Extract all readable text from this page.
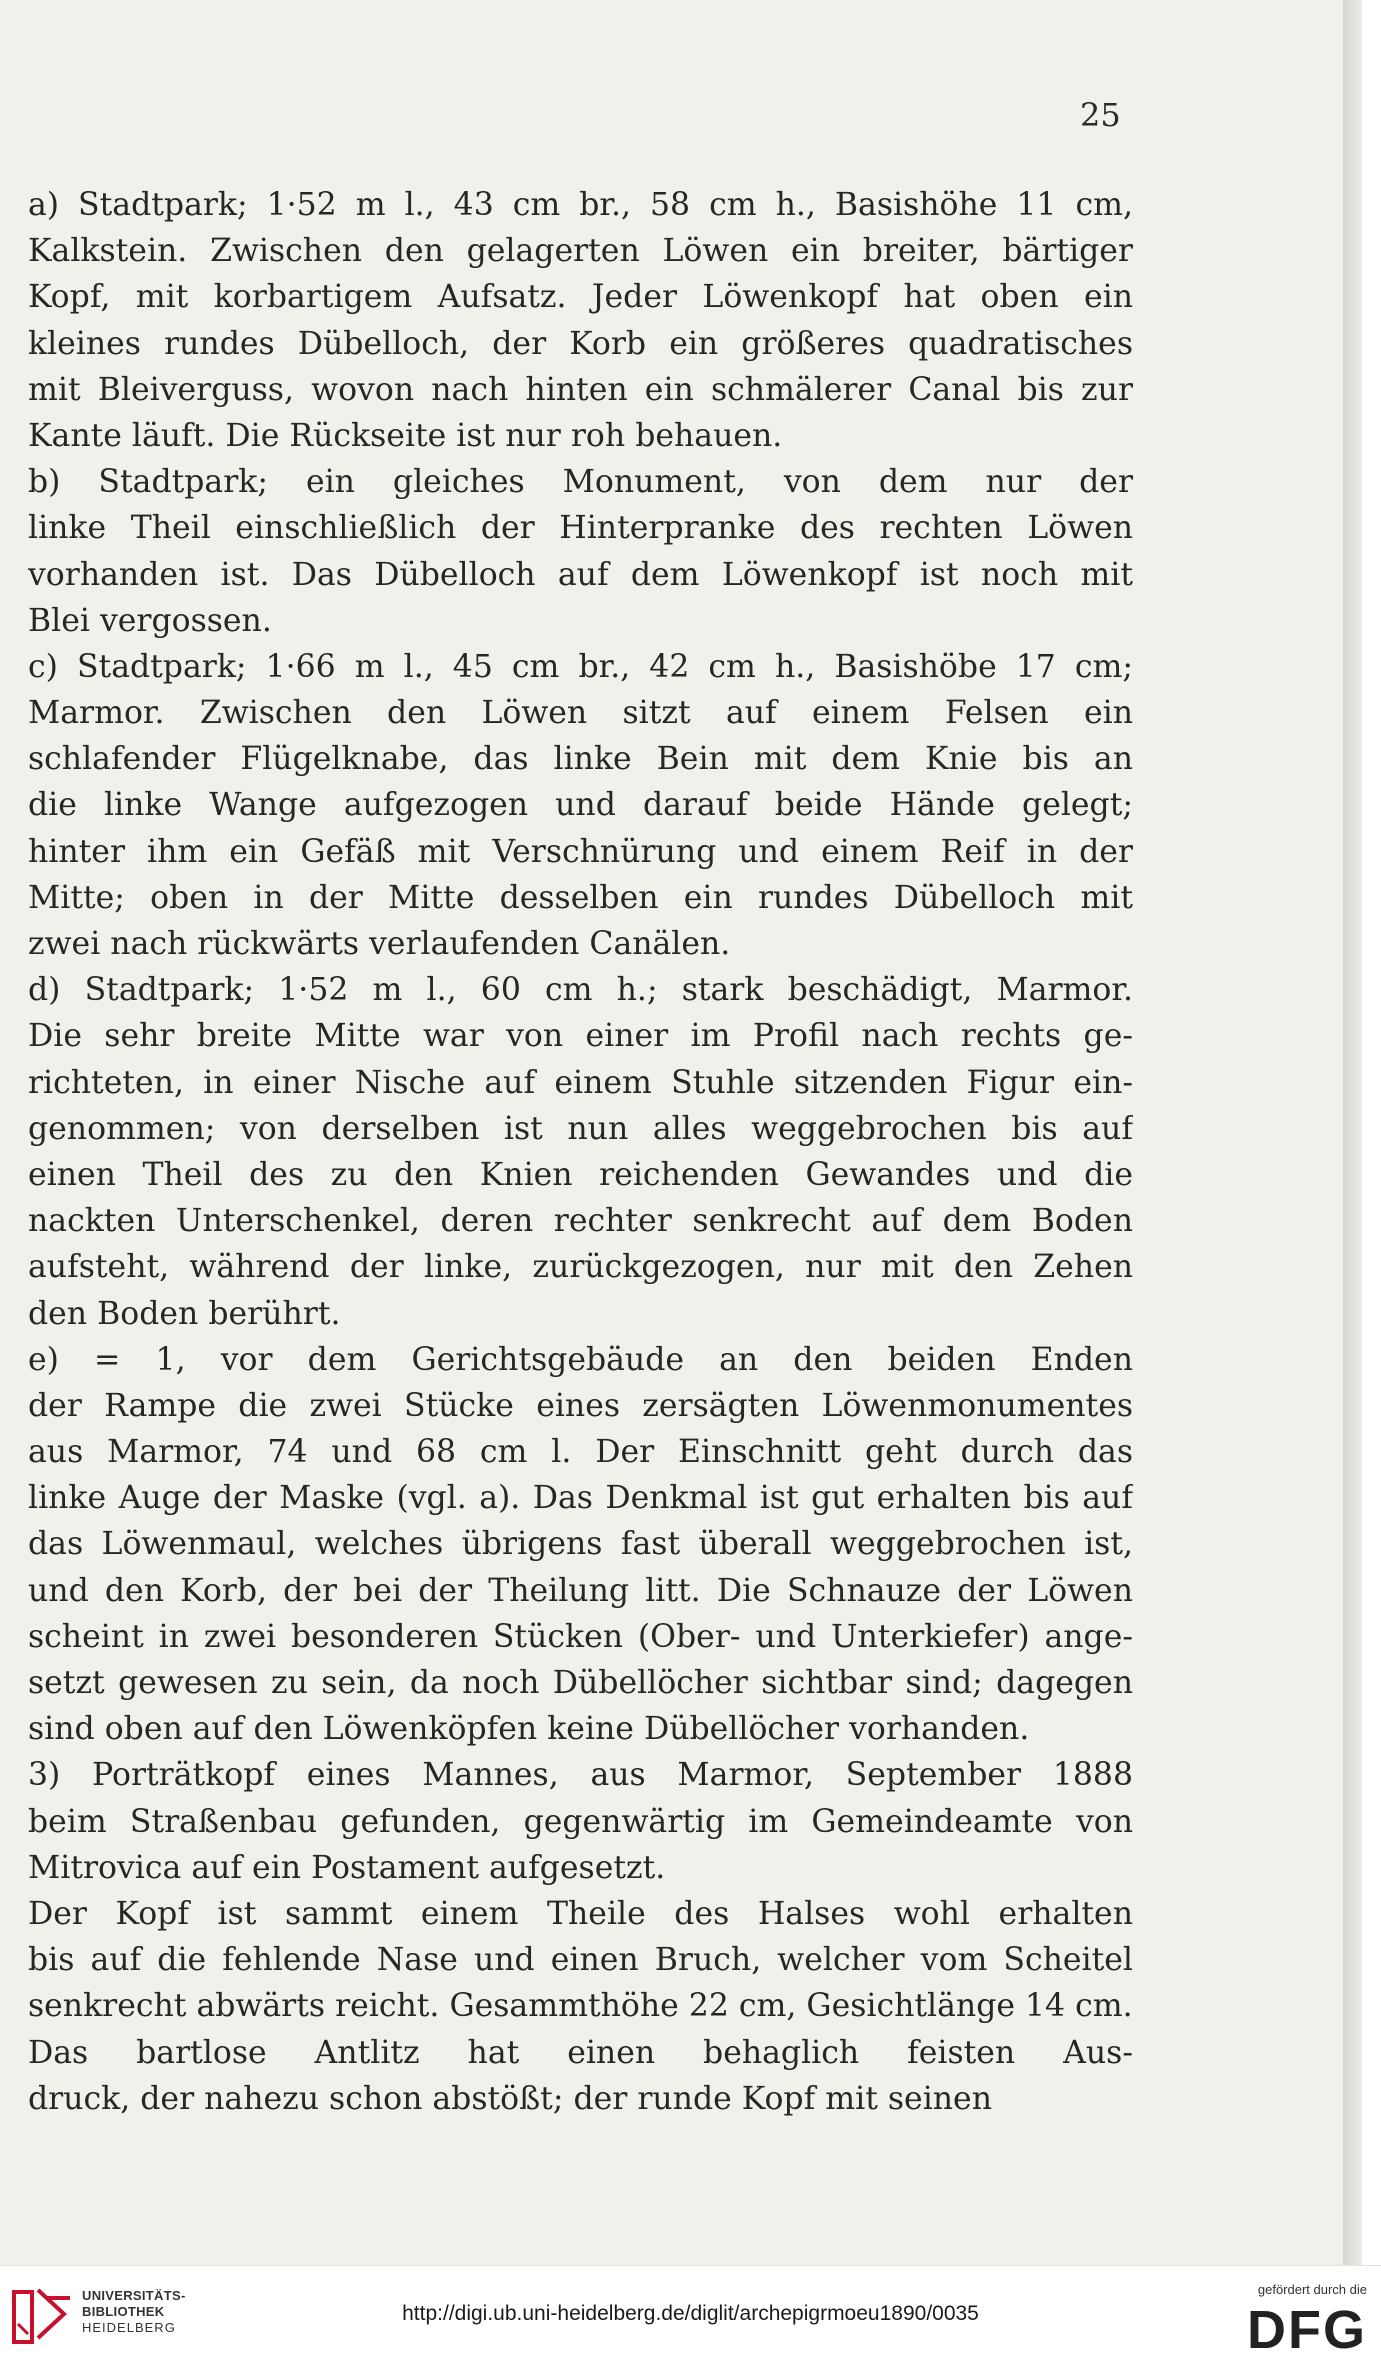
25

a) Stadtpark; 1·52 m l., 43 cm br., 58 cm h., Basishöhe 11 cm,
Kalkstein. Zwischen den gelagerten Löwen ein breiter, bärtiger
Kopf, mit korbartigem Aufsatz. Jeder Löwenkopf hat oben ein
kleines rundes Dübelloch, der Korb ein größeres quadratisches
mit Bleiverguss, wovon nach hinten ein schmälerer Canal bis zur
Kante läuft. Die Rückseite ist nur roh behauen.

b) Stadtpark; ein gleiches Monument, von dem nur der
linke Theil einschließlich der Hinterpranke des rechten Löwen
vorhanden ist. Das Dübelloch auf dem Löwenkopf ist noch mit
Blei vergossen.

c) Stadtpark; 1·66 m l., 45 cm br., 42 cm h., Basishöbe 17 cm;
Marmor. Zwischen den Löwen sitzt auf einem Felsen ein
schlafender Flügelknabe, das linke Bein mit dem Knie bis an
die linke Wange aufgezogen und darauf beide Hände gelegt;
hinter ihm ein Gefäß mit Verschnürung und einem Reif in der
Mitte; oben in der Mitte desselben ein rundes Dübelloch mit
zwei nach rückwärts verlaufenden Canälen.

d) Stadtpark; 1·52 m l., 60 cm h.; stark beschädigt, Marmor.
Die sehr breite Mitte war von einer im Profil nach rechts ge-
richteten, in einer Nische auf einem Stuhle sitzenden Figur ein-
genommen; von derselben ist nun alles weggebrochen bis auf
einen Theil des zu den Knien reichenden Gewandes und die
nackten Unterschenkel, deren rechter senkrecht auf dem Boden
aufsteht, während der linke, zurückgezogen, nur mit den Zehen
den Boden berührt.

e) = 1, vor dem Gerichtsgebäude an den beiden Enden
der Rampe die zwei Stücke eines zersägten Löwenmonumentes
aus Marmor, 74 und 68 cm l. Der Einschnitt geht durch das
linke Auge der Maske (vgl. a). Das Denkmal ist gut erhalten bis auf
das Löwenmaul, welches übrigens fast überall weggebrochen ist,
und den Korb, der bei der Theilung litt. Die Schnauze der Löwen
scheint in zwei besonderen Stücken (Ober- und Unterkiefer) ange-
setzt gewesen zu sein, da noch Dübellöcher sichtbar sind; dagegen
sind oben auf den Löwenköpfen keine Dübellöcher vorhanden.

3) Porträtkopf eines Mannes, aus Marmor, September 1888
beim Straßenbau gefunden, gegenwärtig im Gemeindeamte von
Mitrovica auf ein Postament aufgesetzt.

Der Kopf ist sammt einem Theile des Halses wohl erhalten
bis auf die fehlende Nase und einen Bruch, welcher vom Scheitel
senkrecht abwärts reicht. Gesammthöhe 22 cm, Gesichtlänge 14 cm.

Das bartlose Antlitz hat einen behaglich feisten Aus-
druck, der nahezu schon abstößt; der runde Kopf mit seinen

UNIVERSITÄTS-
BIBLIOTHEK
HEIDELBERG
http://digi.ub.uni-heidelberg.de/diglit/archepigrmoeu1890/0035
gefördert durch die
DFG
